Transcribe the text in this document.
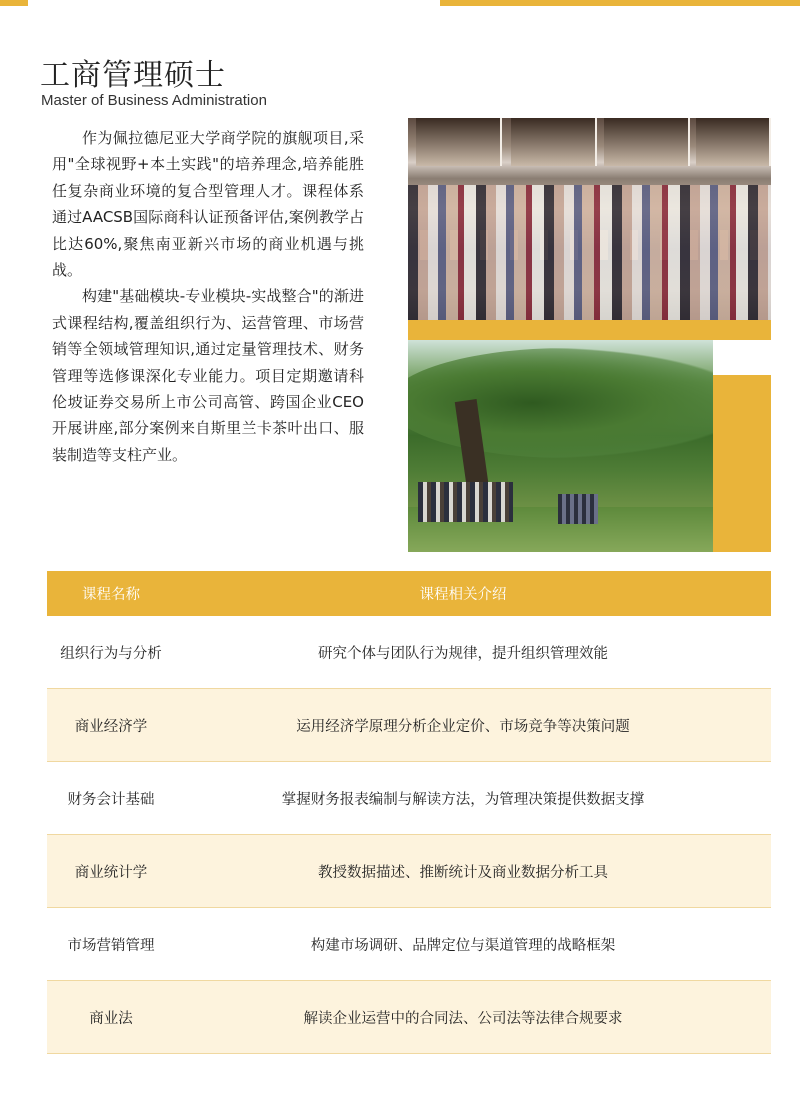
工商管理硕士
Master of Business Administration

作为佩拉德尼亚大学商学院的旗舰项目,采用"全球视野+本土实践"的培养理念,培养能胜任复杂商业环境的复合型管理人才。课程体系通过AACSB国际商科认证预备评估,案例教学占比达60%,聚焦南亚新兴市场的商业机遇与挑战。

构建"基础模块-专业模块-实战整合"的渐进式课程结构,覆盖组织行为、运营管理、市场营销等全领域管理知识,通过定量管理技术、财务管理等选修课深化专业能力。项目定期邀请科伦坡证券交易所上市公司高管、跨国企业CEO开展讲座,部分案例来自斯里兰卡茶叶出口、服装制造等支柱产业。

课程名称	课程相关介绍
组织行为与分析	研究个体与团队行为规律，提升组织管理效能
商业经济学	运用经济学原理分析企业定价、市场竞争等决策问题
财务会计基础	掌握财务报表编制与解读方法，为管理决策提供数据支撑
商业统计学	教授数据描述、推断统计及商业数据分析工具
市场营销管理	构建市场调研、品牌定位与渠道管理的战略框架
商业法	解读企业运营中的合同法、公司法等法律合规要求
